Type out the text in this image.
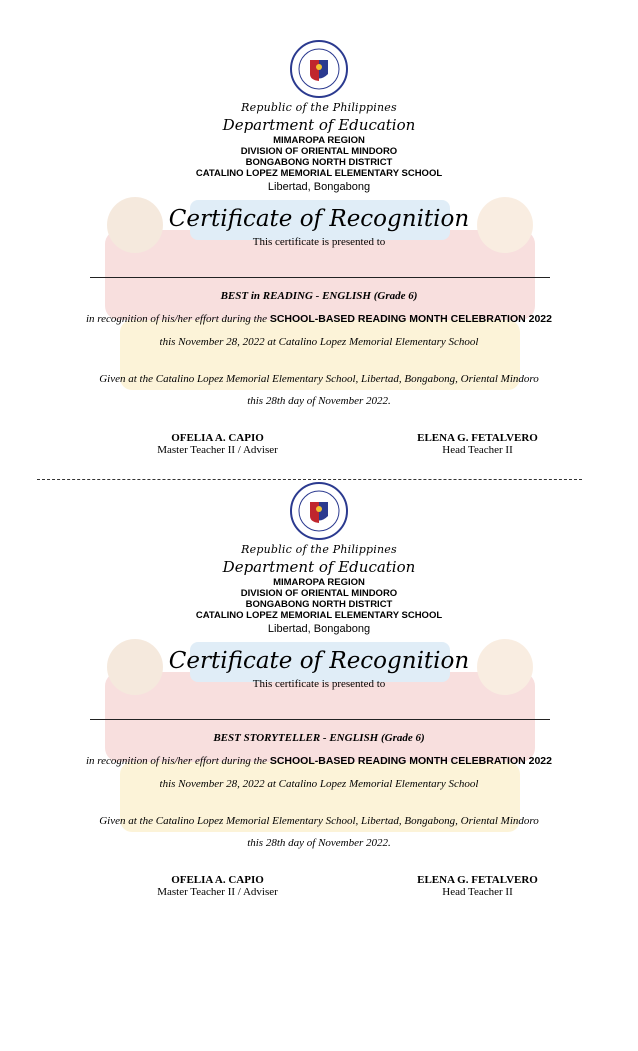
Republic of the Philippines
Department of Education
MIMAROPA REGION
DIVISION OF ORIENTAL MINDORO
BONGABONG NORTH DISTRICT
CATALINO LOPEZ MEMORIAL ELEMENTARY SCHOOL
Libertad, Bongabong
Certificate of Recognition
This certificate is presented to
BEST in READING - ENGLISH (Grade 6)
in recognition of his/her effort during the SCHOOL-BASED READING MONTH CELEBRATION 2022
this November 28, 2022 at Catalino Lopez Memorial Elementary School
Given at the Catalino Lopez Memorial Elementary School, Libertad, Bongabong, Oriental Mindoro
this 28th day of November 2022.
OFELIA A. CAPIO
Master Teacher II / Adviser
ELENA G. FETALVERO
Head Teacher II
Republic of the Philippines
Department of Education
MIMAROPA REGION
DIVISION OF ORIENTAL MINDORO
BONGABONG NORTH DISTRICT
CATALINO LOPEZ MEMORIAL ELEMENTARY SCHOOL
Libertad, Bongabong
Certificate of Recognition
This certificate is presented to
BEST STORYTELLER - ENGLISH (Grade 6)
in recognition of his/her effort during the SCHOOL-BASED READING MONTH CELEBRATION 2022
this November 28, 2022 at Catalino Lopez Memorial Elementary School
Given at the Catalino Lopez Memorial Elementary School, Libertad, Bongabong, Oriental Mindoro
this 28th day of November 2022.
OFELIA A. CAPIO
Master Teacher II / Adviser
ELENA G. FETALVERO
Head Teacher II
